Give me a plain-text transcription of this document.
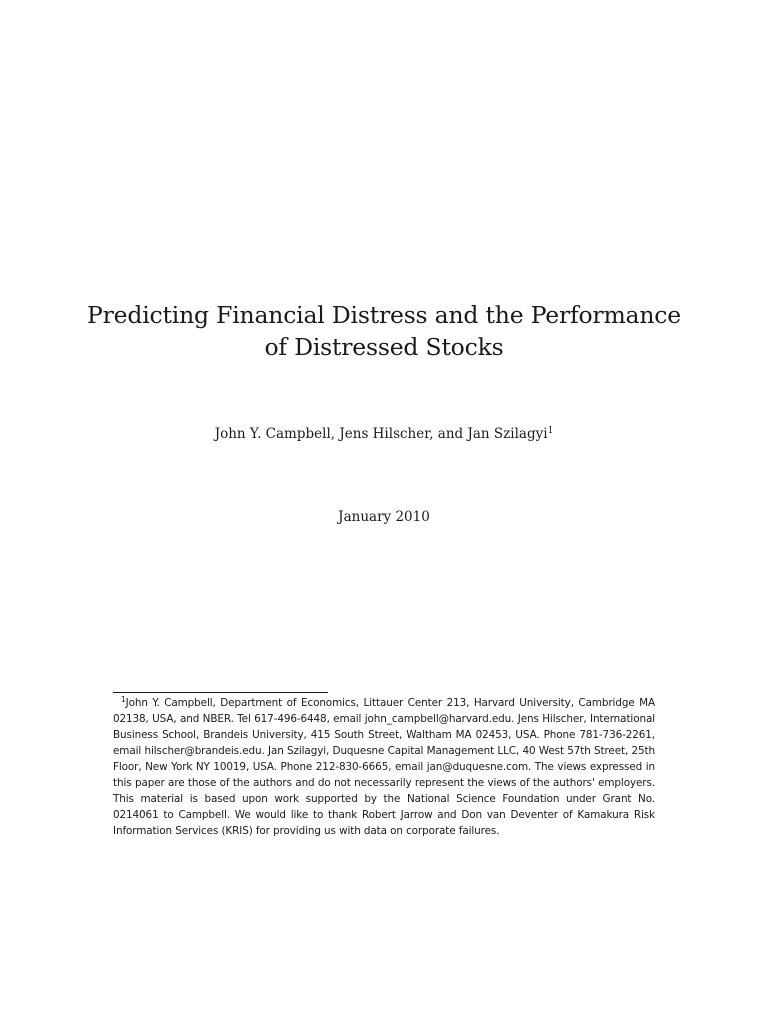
Predicting Financial Distress and the Performance
of Distressed Stocks
John Y. Campbell, Jens Hilscher, and Jan Szilagyi$^1$
January 2010
$^1$John Y. Campbell, Department of Economics, Littauer Center 213, Harvard University, Cambridge MA 02138, USA, and NBER. Tel 617-496-6448, email john_campbell@harvard.edu. Jens Hilscher, International Business School, Brandeis University, 415 South Street, Waltham MA 02453, USA. Phone 781-736-2261, email hilscher@brandeis.edu. Jan Szilagyi, Duquesne Capital Management LLC, 40 West 57th Street, 25th Floor, New York NY 10019, USA. Phone 212-830-6665, email jan@duquesne.com. The views expressed in this paper are those of the authors and do not necessarily represent the views of the authors' employers. This material is based upon work supported by the National Science Foundation under Grant No. 0214061 to Campbell. We would like to thank Robert Jarrow and Don van Deventer of Kamakura Risk Information Services (KRIS) for providing us with data on corporate failures.
